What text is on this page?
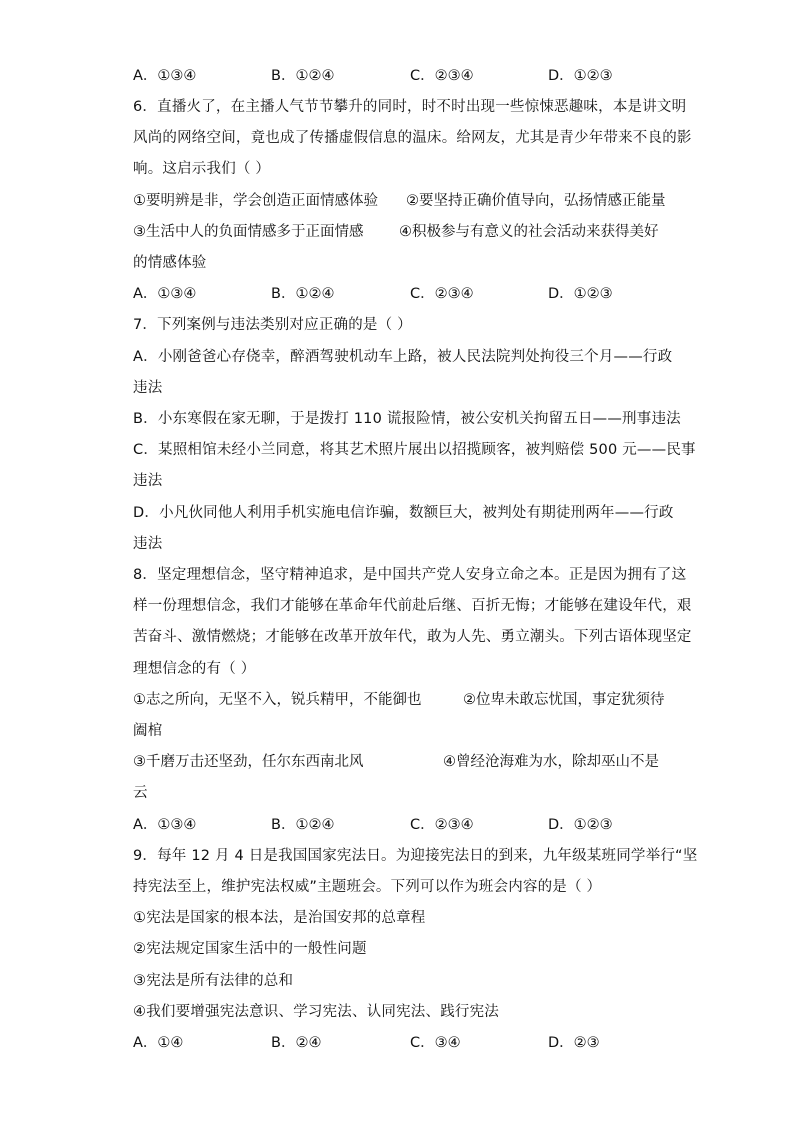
A．①③④	B．①②④	C．②③④	D．①②③
6．直播火了，在主播人气节节攀升的同时，时不时出现一些惊悚恶趣味，本是讲文明
风尚的网络空间，竟也成了传播虚假信息的温床。给网友，尤其是青少年带来不良的影
响。这启示我们（ ）
①要明辨是非，学会创造正面情感体验 ②要坚持正确价值导向，弘扬情感正能量
③生活中人的负面情感多于正面情感 ④积极参与有意义的社会活动来获得美好
的情感体验
A．①③④	B．①②④	C．②③④	D．①②③
7．下列案例与违法类别对应正确的是（ ）
A．小刚爸爸心存侥幸，醉酒驾驶机动车上路，被人民法院判处拘役三个月——行政
违法
B．小东寒假在家无聊，于是拨打 110 谎报险情，被公安机关拘留五日——刑事违法
C．某照相馆未经小兰同意，将其艺术照片展出以招揽顾客，被判赔偿 500 元——民事
违法
D．小凡伙同他人利用手机实施电信诈骗，数额巨大，被判处有期徒刑两年——行政
违法
8．坚定理想信念，坚守精神追求，是中国共产党人安身立命之本。正是因为拥有了这
样一份理想信念，我们才能够在革命年代前赴后继、百折无悔；才能够在建设年代，艰
苦奋斗、激情燃烧；才能够在改革开放年代，敢为人先、勇立潮头。下列古语体现坚定
理想信念的有（ ）
①志之所向，无坚不入，锐兵精甲，不能御也	②位卑未敢忘忧国，事定犹须待
阖棺
③千磨万击还坚劲，任尔东西南北风	④曾经沧海难为水，除却巫山不是
云
A．①③④	B．①②④	C．②③④	D．①②③
9．每年 12 月 4 日是我国国家宪法日。为迎接宪法日的到来，九年级某班同学举行“坚
持宪法至上，维护宪法权威”主题班会。下列可以作为班会内容的是（ ）
①宪法是国家的根本法，是治国安邦的总章程
②宪法规定国家生活中的一般性问题
③宪法是所有法律的总和
④我们要增强宪法意识、学习宪法、认同宪法、践行宪法
A．①④	B．②④	C．③④	D．②③
